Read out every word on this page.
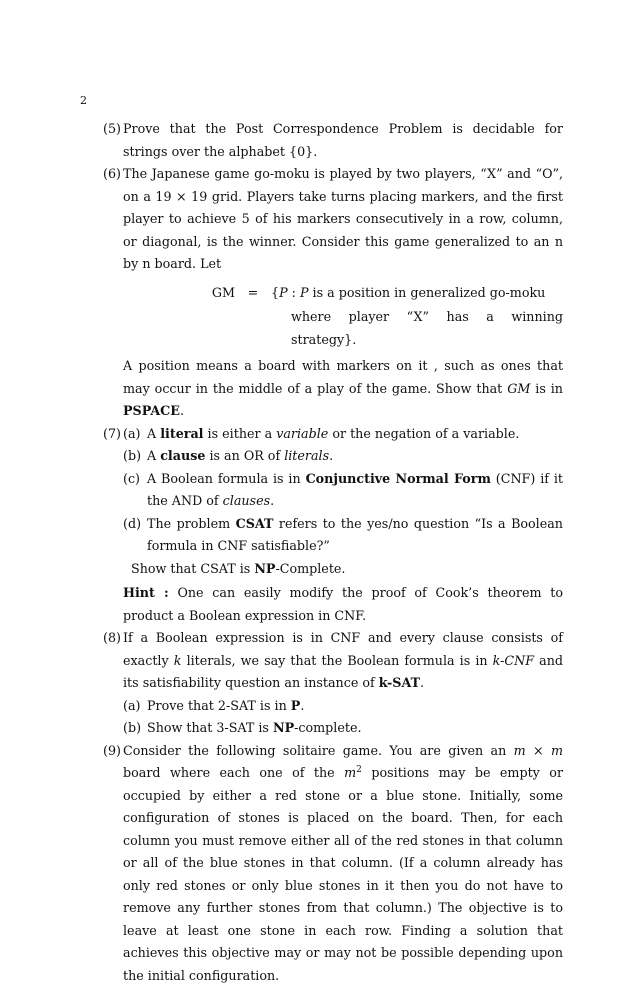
2
(5) Prove that the Post Correspondence Problem is decidable for strings over the alphabet {0}.
(6) The Japanese game go-moku is played by two players, “X” and “O”, on a 19 × 19 grid. Players take turns placing markers, and the first player to achieve 5 of his markers consecutively in a row, column, or diagonal, is the winner. Consider this game generalized to an n by n board. Let
GM = {P : P is a position in generalized go-moku
where player “X” has a winning strategy}.
A position means a board with markers on it , such as ones that may occur in the middle of a play of the game. Show that GM is in PSPACE.
(7) (a) A literal is either a variable or the negation of a variable.
(b) A clause is an OR of literals.
(c) A Boolean formula is in Conjunctive Normal Form (CNF) if it the AND of clauses.
(d) The problem CSAT refers to the yes/no question “Is a Boolean formula in CNF satisfiable?”
Show that CSAT is NP-Complete.
Hint : One can easily modify the proof of Cook’s theorem to product a Boolean expression in CNF.
(8) If a Boolean expression is in CNF and every clause consists of exactly k literals, we say that the Boolean formula is in k-CNF and its satisfiability question an instance of k-SAT.
(a) Prove that 2-SAT is in P.
(b) Show that 3-SAT is NP-complete.
(9) Consider the following solitaire game. You are given an m × m board where each one of the $m^2$ positions may be empty or occupied by either a red stone or a blue stone. Initially, some configuration of stones is placed on the board. Then, for each column you must remove either all of the red stones in that column or all of the blue stones in that column. (If a column already has only red stones or only blue stones in it then you do not have to remove any further stones from that column.) The objective is to leave at least one stone in each row. Finding a solution that achieves this objective may or may not be possible depending upon the initial configuration.
